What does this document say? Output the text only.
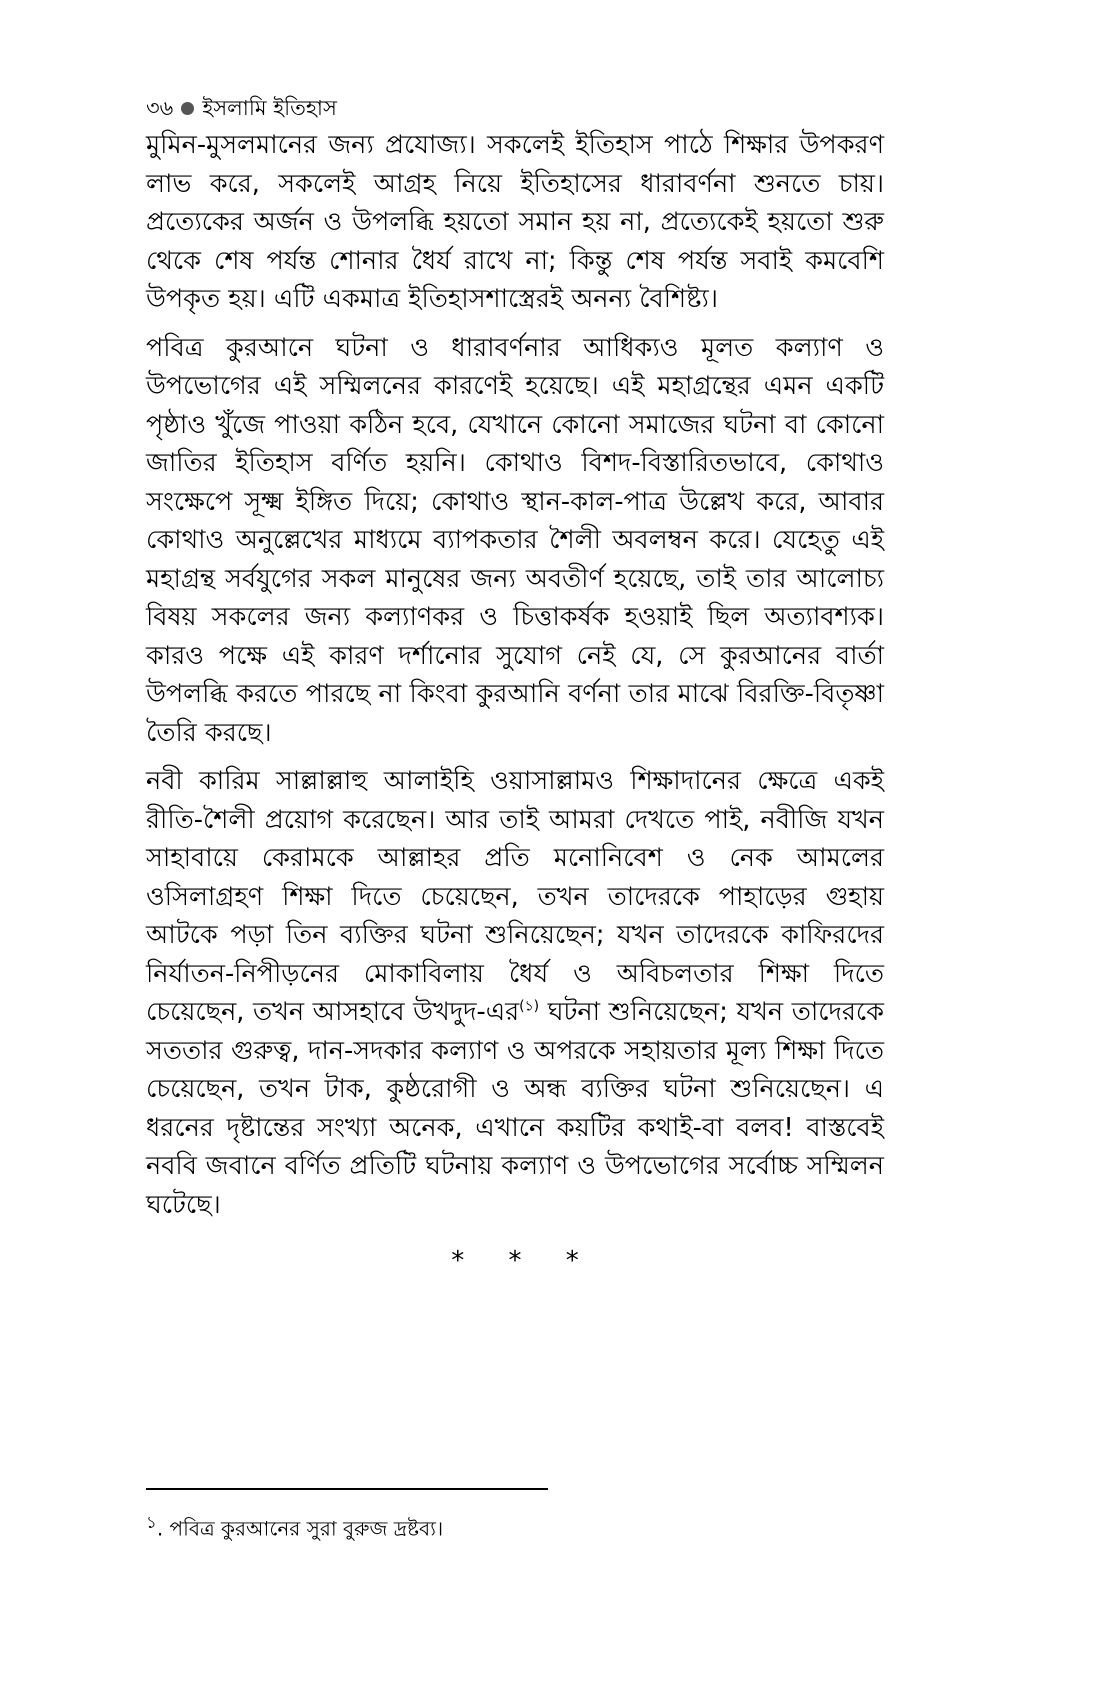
৩৬ ইসলামি ইতিহাস

মুমিন-মুসলমানের জন্য প্রযোজ্য। সকলেই ইতিহাস পাঠে শিক্ষার উপকরণ লাভ করে, সকলেই আগ্রহ নিয়ে ইতিহাসের ধারাবর্ণনা শুনতে চায়। প্রত্যেকের অর্জন ও উপলব্ধি হয়তো সমান হয় না, প্রত্যেকেই হয়তো শুরু থেকে শেষ পর্যন্ত শোনার ধৈর্য রাখে না; কিন্তু শেষ পর্যন্ত সবাই কমবেশি উপকৃত হয়। এটি একমাত্র ইতিহাসশাস্ত্রেরই অনন্য বৈশিষ্ট্য।

পবিত্র কুরআনে ঘটনা ও ধারাবর্ণনার আধিক্যও মূলত কল্যাণ ও উপভোগের এই সম্মিলনের কারণেই হয়েছে। এই মহাগ্রন্থের এমন একটি পৃষ্ঠাও খুঁজে পাওয়া কঠিন হবে, যেখানে কোনো সমাজের ঘটনা বা কোনো জাতির ইতিহাস বর্ণিত হয়নি। কোথাও বিশদ-বিস্তারিতভাবে, কোথাও সংক্ষেপে সূক্ষ্ম ইঙ্গিত দিয়ে; কোথাও স্থান-কাল-পাত্র উল্লেখ করে, আবার কোথাও অনুল্লেখের মাধ্যমে ব্যাপকতার শৈলী অবলম্বন করে। যেহেতু এই মহাগ্রন্থ সর্বযুগের সকল মানুষের জন্য অবতীর্ণ হয়েছে, তাই তার আলোচ্য বিষয় সকলের জন্য কল্যাণকর ও চিত্তাকর্ষক হওয়াই ছিল অত্যাবশ্যক। কারও পক্ষে এই কারণ দর্শানোর সুযোগ নেই যে, সে কুরআনের বার্তা উপলব্ধি করতে পারছে না কিংবা কুরআনি বর্ণনা তার মাঝে বিরক্তি-বিতৃষ্ণা তৈরি করছে।

নবী কারিম সাল্লাল্লাহু আলাইহি ওয়াসাল্লামও শিক্ষাদানের ক্ষেত্রে একই রীতি-শৈলী প্রয়োগ করেছেন। আর তাই আমরা দেখতে পাই, নবীজি যখন সাহাবায়ে কেরামকে আল্লাহর প্রতি মনোনিবেশ ও নেক আমলের ওসিলাগ্রহণ শিক্ষা দিতে চেয়েছেন, তখন তাদেরকে পাহাড়ের গুহায় আটকে পড়া তিন ব্যক্তির ঘটনা শুনিয়েছেন; যখন তাদেরকে কাফিরদের নির্যাতন-নিপীড়নের মোকাবিলায় ধৈর্য ও অবিচলতার শিক্ষা দিতে চেয়েছেন, তখন আসহাবে উখদুদ-এর$^{(১)}$ ঘটনা শুনিয়েছেন; যখন তাদেরকে সততার গুরুত্ব, দান-সদকার কল্যাণ ও অপরকে সহায়তার মূল্য শিক্ষা দিতে চেয়েছেন, তখন টাক, কুষ্ঠরোগী ও অন্ধ ব্যক্তির ঘটনা শুনিয়েছেন। এ ধরনের দৃষ্টান্তের সংখ্যা অনেক, এখানে কয়টির কথাই-বা বলব! বাস্তবেই নববি জবানে বর্ণিত প্রতিটি ঘটনায় কল্যাণ ও উপভোগের সর্বোচ্চ সম্মিলন ঘটেছে।

* * *
$^১$. পবিত্র কুরআনের সুরা বুরুজ দ্রষ্টব্য।
